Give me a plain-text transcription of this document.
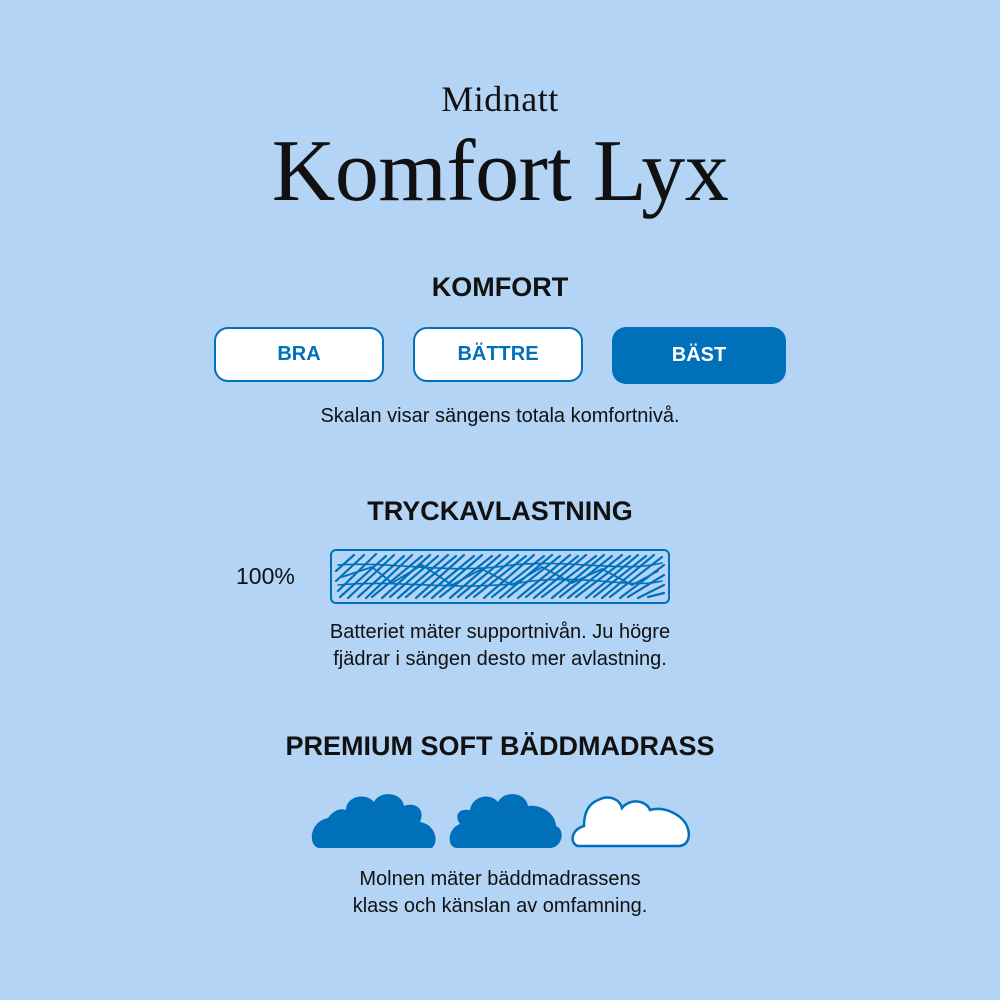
Midnatt
Komfort Lyx
KOMFORT
BRA	BÄTTRE	BÄST
Skalan visar sängens totala komfortnivå.
TRYCKAVLASTNING
100%
Batteriet mäter supportnivån. Ju högre
fjädrar i sängen desto mer avlastning.
PREMIUM SOFT BÄDDMADRASS
Molnen mäter bäddmadrassens
klass och känslan av omfamning.
